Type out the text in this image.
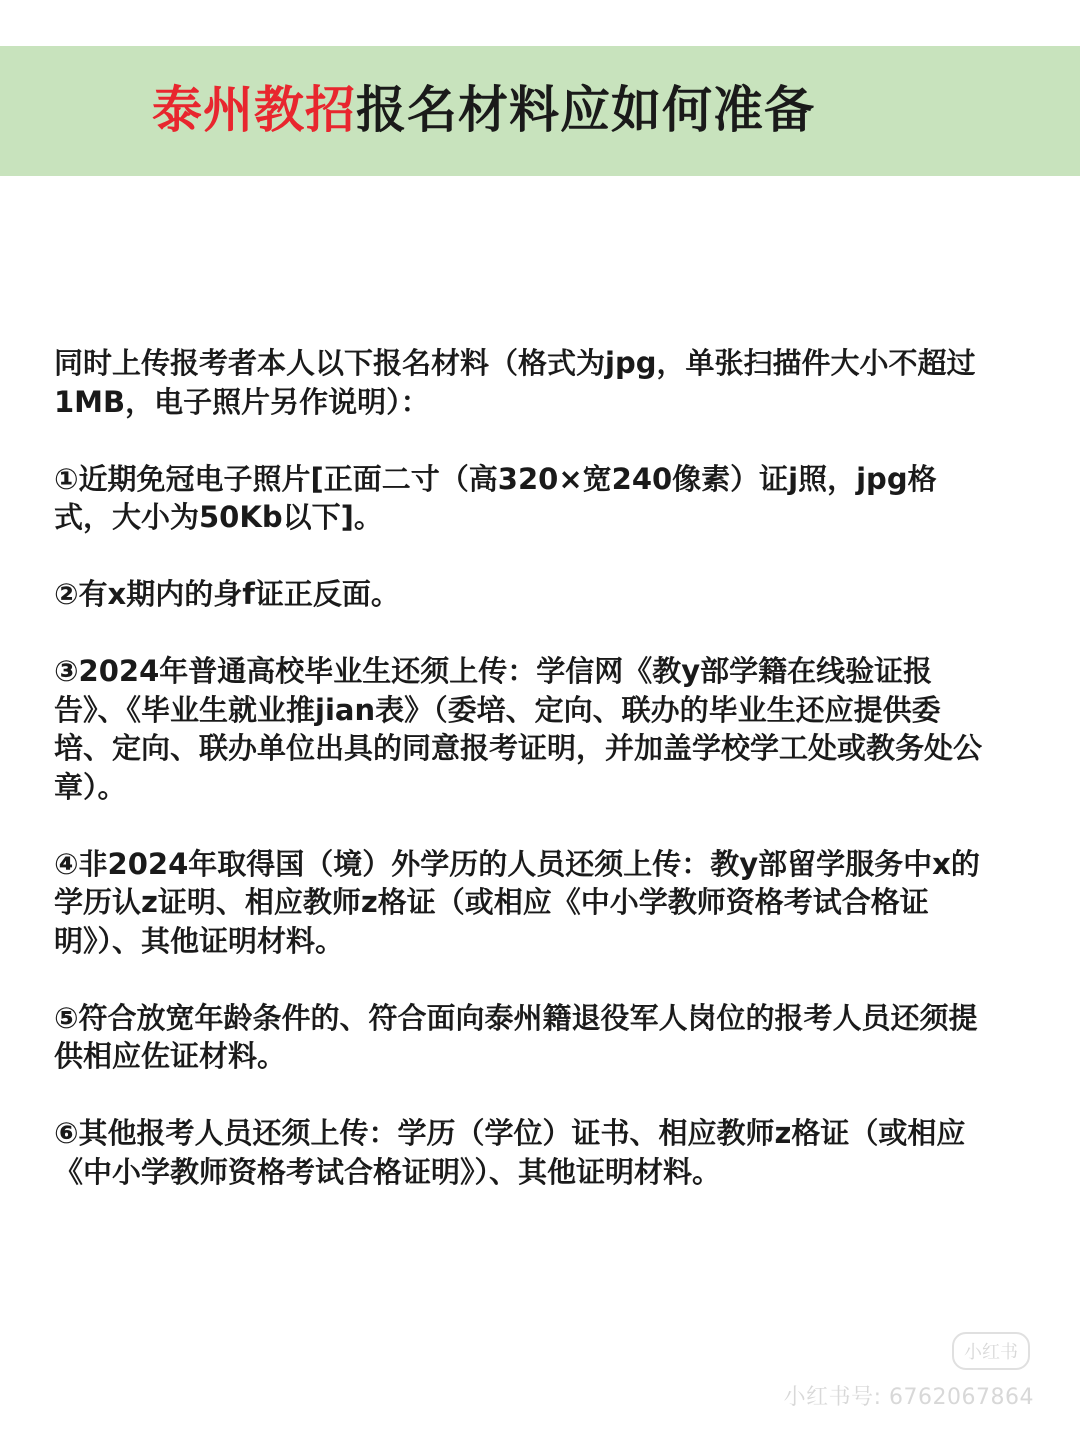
泰州教招报名材料应如何准备

同时上传报考者本人以下报名材料（格式为jpg，单张扫描件大小不超过1MB，电子照片另作说明）：

①近期免冠电子照片[正面二寸（高320×宽240像素）证j照，jpg格式，大小为50Kb以下]。

②有x期内的身f证正反面。

③2024年普通高校毕业生还须上传：学信网《教y部学籍在线验证报告》、《毕业生就业推jian表》（委培、定向、联办的毕业生还应提供委培、定向、联办单位出具的同意报考证明，并加盖学校学工处或教务处公章）。

④非2024年取得国（境）外学历的人员还须上传：教y部留学服务中x的学历认z证明、相应教师z格证（或相应《中小学教师资格考试合格证明》）、其他证明材料。

⑤符合放宽年龄条件的、符合面向泰州籍退役军人岗位的报考人员还须提供相应佐证材料。

⑥其他报考人员还须上传：学历（学位）证书、相应教师z格证（或相应《中小学教师资格考试合格证明》）、其他证明材料。

小红书
小红书号: 6762067864
